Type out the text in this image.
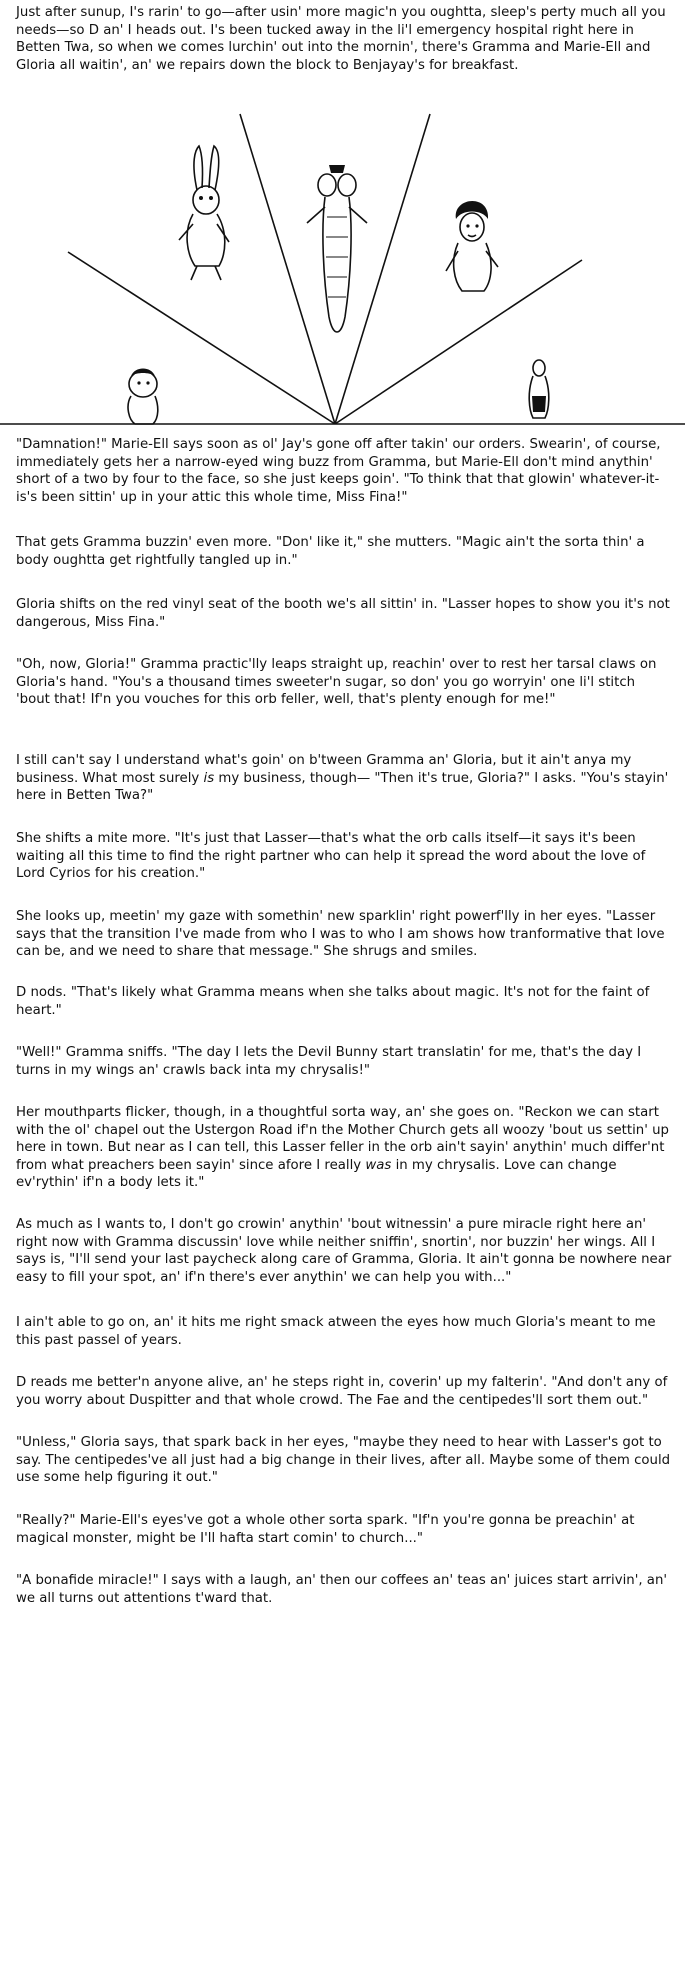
Just after sunup, I's rarin' to go—after usin' more magic'n you oughtta, sleep's perty much all you needs—so D an' I heads out. I's been tucked away in the li'l emergency hospital right here in Betten Twa, so when we comes lurchin' out into the mornin', there's Gramma and Marie-Ell and Gloria all waitin', an' we repairs down the block to Benjayay's for breakfast.

"Damnation!" Marie-Ell says soon as ol' Jay's gone off after takin' our orders. Swearin', of course, immediately gets her a narrow-eyed wing buzz from Gramma, but Marie-Ell don't mind anythin' short of a two by four to the face, so she just keeps goin'. "To think that that glowin' whatever-it-is's been sittin' up in your attic this whole time, Miss Fina!"

That gets Gramma buzzin' even more. "Don' like it," she mutters. "Magic ain't the sorta thin' a body oughtta get rightfully tangled up in."

Gloria shifts on the red vinyl seat of the booth we's all sittin' in. "Lasser hopes to show you it's not dangerous, Miss Fina."

"Oh, now, Gloria!" Gramma practic'lly leaps straight up, reachin' over to rest her tarsal claws on Gloria's hand. "You's a thousand times sweeter'n sugar, so don' you go worryin' one li'l stitch 'bout that! If'n you vouches for this orb feller, well, that's plenty enough for me!"

I still can't say I understand what's goin' on b'tween Gramma an' Gloria, but it ain't anya my business. What most surely is my business, though— "Then it's true, Gloria?" I asks. "You's stayin' here in Betten Twa?"

She shifts a mite more. "It's just that Lasser—that's what the orb calls itself—it says it's been waiting all this time to find the right partner who can help it spread the word about the love of Lord Cyrios for his creation."

She looks up, meetin' my gaze with somethin' new sparklin' right powerf'lly in her eyes. "Lasser says that the transition I've made from who I was to who I am shows how tranformative that love can be, and we need to share that message." She shrugs and smiles.

D nods. "That's likely what Gramma means when she talks about magic. It's not for the faint of heart."

"Well!" Gramma sniffs. "The day I lets the Devil Bunny start translatin' for me, that's the day I turns in my wings an' crawls back inta my chrysalis!"

Her mouthparts flicker, though, in a thoughtful sorta way, an' she goes on. "Reckon we can start with the ol' chapel out the Ustergon Road if'n the Mother Church gets all woozy 'bout us settin' up here in town. But near as I can tell, this Lasser feller in the orb ain't sayin' anythin' much differ'nt from what preachers been sayin' since afore I really was in my chrysalis. Love can change ev'rythin' if'n a body lets it."

As much as I wants to, I don't go crowin' anythin' 'bout witnessin' a pure miracle right here an' right now with Gramma discussin' love while neither sniffin', snortin', nor buzzin' her wings. All I says is, "I'll send your last paycheck along care of Gramma, Gloria. It ain't gonna be nowhere near easy to fill your spot, an' if'n there's ever anythin' we can help you with..."

I ain't able to go on, an' it hits me right smack atween the eyes how much Gloria's meant to me this past passel of years.

D reads me better'n anyone alive, an' he steps right in, coverin' up my falterin'. "And don't any of you worry about Duspitter and that whole crowd. The Fae and the centipedes'll sort them out."

"Unless," Gloria says, that spark back in her eyes, "maybe they need to hear with Lasser's got to say. The centipedes've all just had a big change in their lives, after all. Maybe some of them could use some help figuring it out."

"Really?" Marie-Ell's eyes've got a whole other sorta spark. "If'n you're gonna be preachin' at magical monster, might be I'll hafta start comin' to church..."

"A bonafide miracle!" I says with a laugh, an' then our coffees an' teas an' juices start arrivin', an' we all turns out attentions t'ward that.
